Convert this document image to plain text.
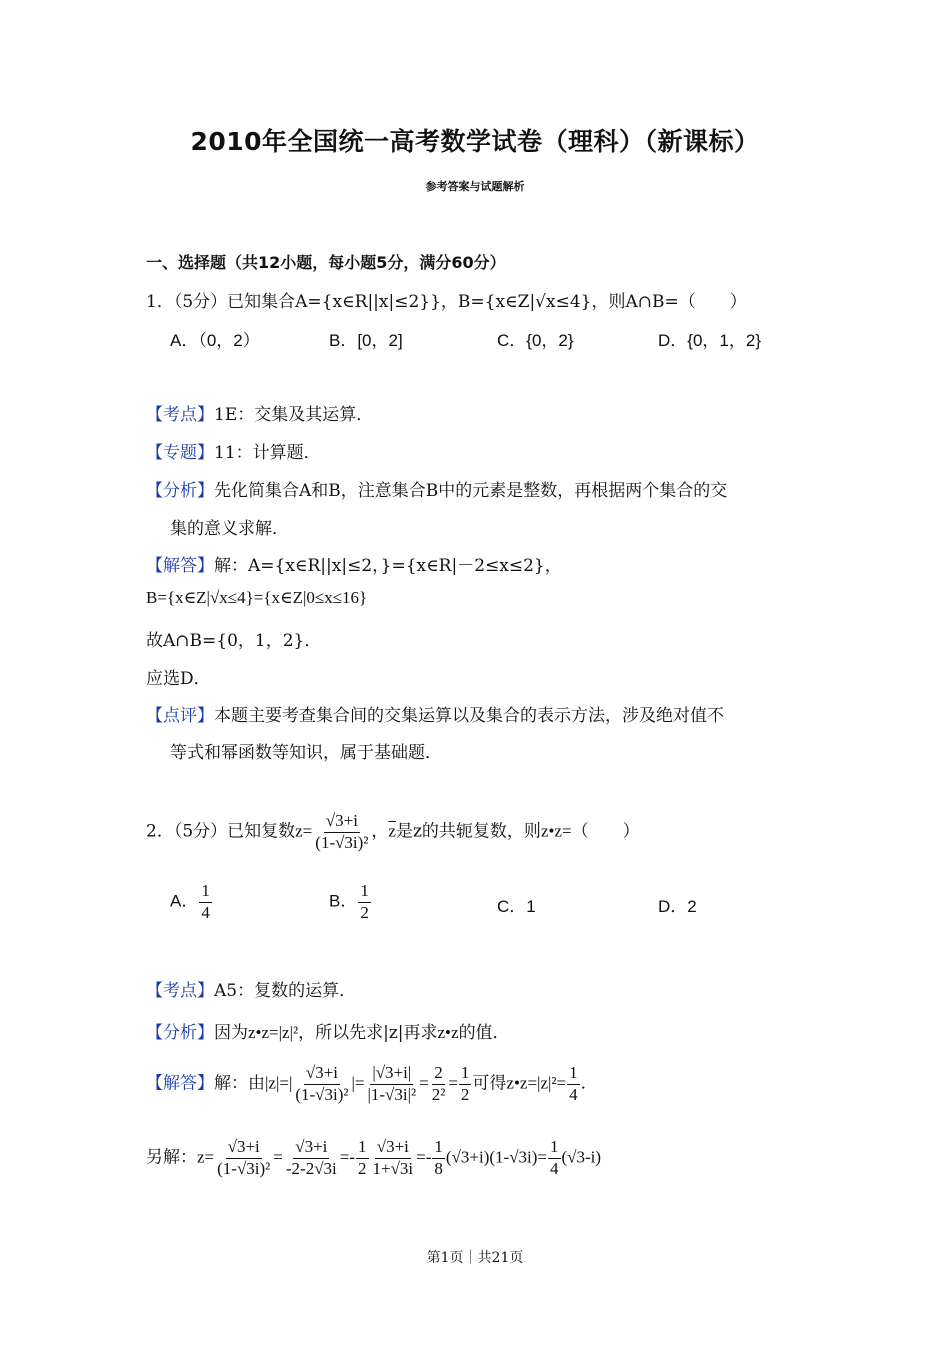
2010年全国统一高考数学试卷（理科）（新课标）
参考答案与试题解析
一、选择题（共12小题，每小题5分，满分60分）
1．（5分）已知集合A={x∈R||x|≤2}}，B={x∈Z|√x≤4}，则A∩B=（　　）
A．（0，2）	B．[0，2]	C．{0，2}	D．{0，1，2}
【考点】1E：交集及其运算．
【专题】11：计算题．
【分析】先化简集合A和B，注意集合B中的元素是整数，再根据两个集合的交
集的意义求解．
【解答】解：A={x∈R||x|≤2，}={x∈R|－2≤x≤2}，
B={x∈Z|√x≤4}={x∈Z|0≤x≤16}
故A∩B={0，1，2}．
应选D．
【点评】本题主要考查集合间的交集运算以及集合的表示方法，涉及绝对值不
等式和幂函数等知识，属于基础题．
2．（5分）已知复数$z= \frac{√3+i}{\text{(1-√3i)²}}$ ，$\overline{z}$是z的共轭复数，则z•z=（　　）
A． $\frac{1}{4}$	B． $\frac{1}{2}$	C．1	D．2
【考点】A5：复数的运算．
【分析】因为z•z=|z|²，所以先求|z|再求z•z的值．
【解答】解：由$|z|=| \frac{√3+i}{\text{(1-√3i)²}}$ |= $\frac{|√3+i|}{\text{|1-√3i|²}} = \frac{2}{\text{2²}} = \frac{1}{2}$ 可得z•z=|z|²= $\frac{1}{4}$ ．
另解：$z= \frac{√3+i}{\text{(1-√3i)²}} = \frac{√3+i}{-2-2√3i} =- \frac{1}{2} \frac{√3+i}{1+√3i} =- \frac{1}{8} (√3+i)(1-√3i)= \frac{1}{4} (√3-i)$
第1页｜共21页
